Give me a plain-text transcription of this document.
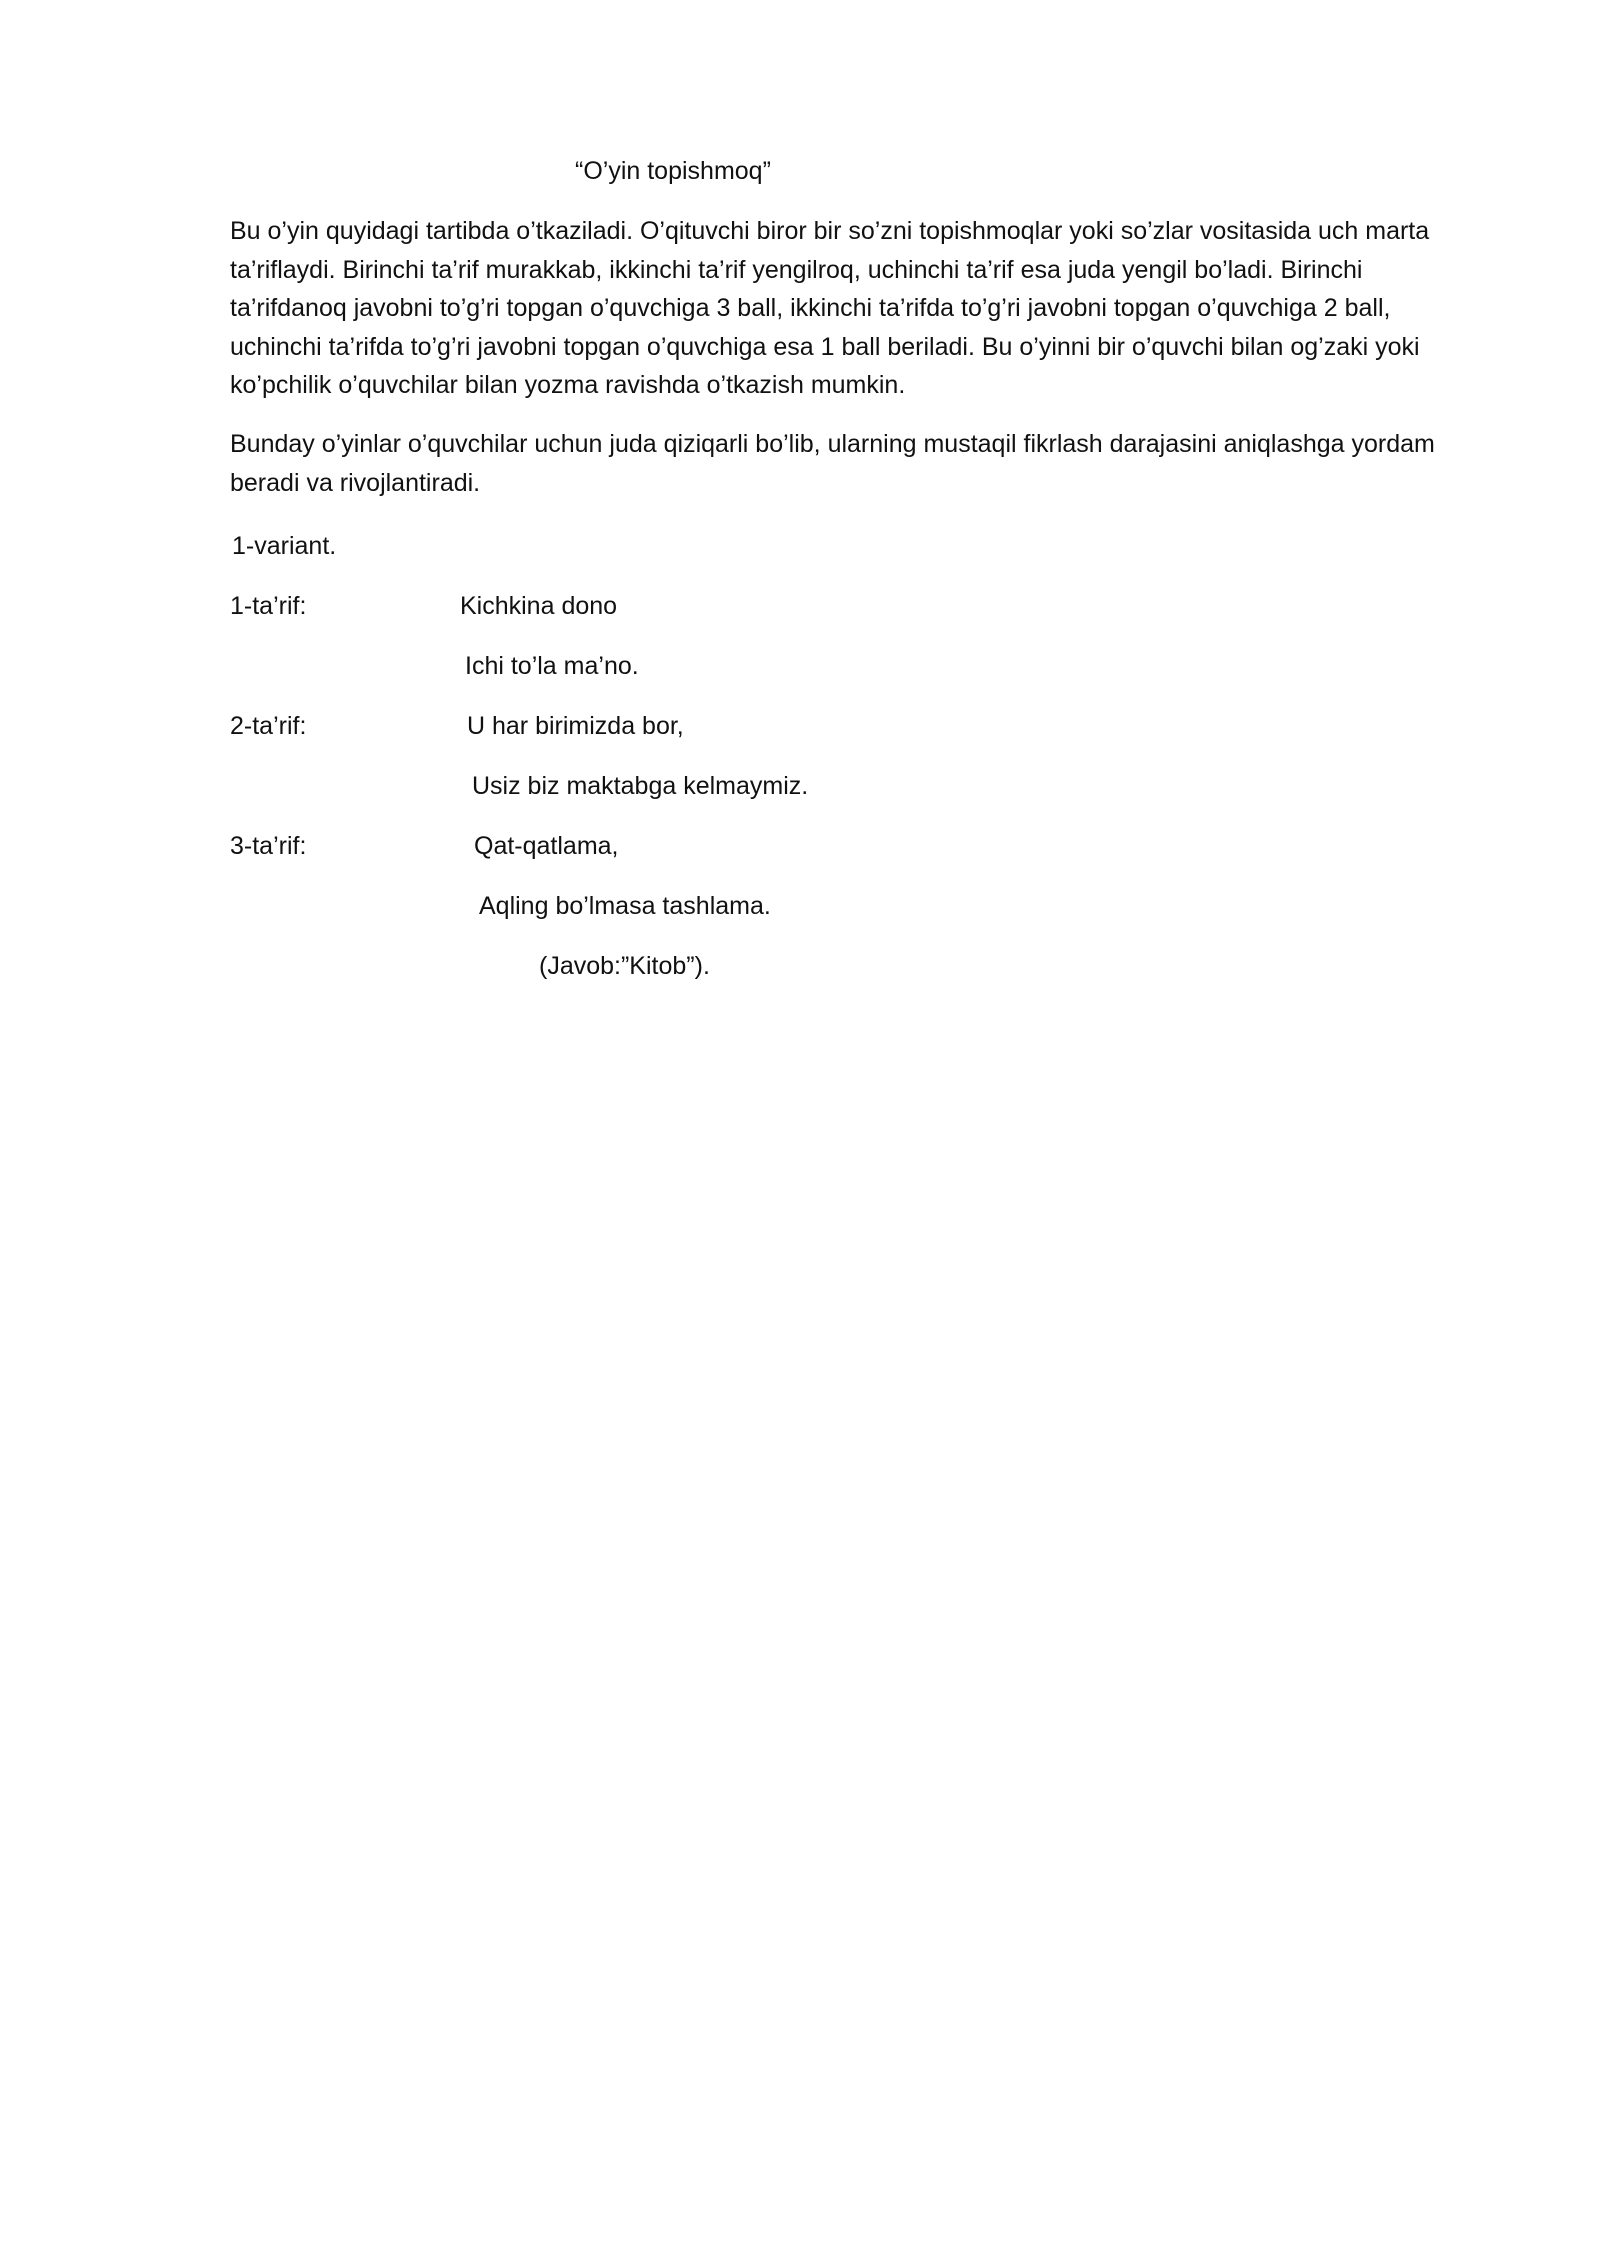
“O’yin topishmoq”
Bu o’yin quyidagi tartibda o’tkaziladi. O’qituvchi biror bir so’zni topishmoqlar yoki so’zlar vositasida uch marta ta’riflaydi. Birinchi ta’rif murakkab, ikkinchi ta’rif yengilroq, uchinchi ta’rif esa juda yengil bo’ladi. Birinchi ta’rifdanoq javobni to’g’ri topgan o’quvchiga 3 ball, ikkinchi ta’rifda to’g’ri javobni topgan o’quvchiga 2 ball, uchinchi ta’rifda to’g’ri javobni topgan o’quvchiga esa 1 ball beriladi. Bu o’yinni bir o’quvchi bilan og’zaki yoki ko’pchilik o’quvchilar bilan yozma ravishda o’tkazish mumkin.
Bunday o’yinlar o’quvchilar uchun juda qiziqarli bo’lib, ularning mustaqil fikrlash darajasini aniqlashga yordam beradi va rivojlantiradi.
1-variant.
1-ta’rif:	Kichkina dono
Ichi to’la ma’no.
2-ta’rif:	U har birimizda bor,
Usiz biz maktabga kelmaymiz.
3-ta’rif:	Qat-qatlama,
Aqling bo’lmasa tashlama.
(Javob:”Kitob”).
